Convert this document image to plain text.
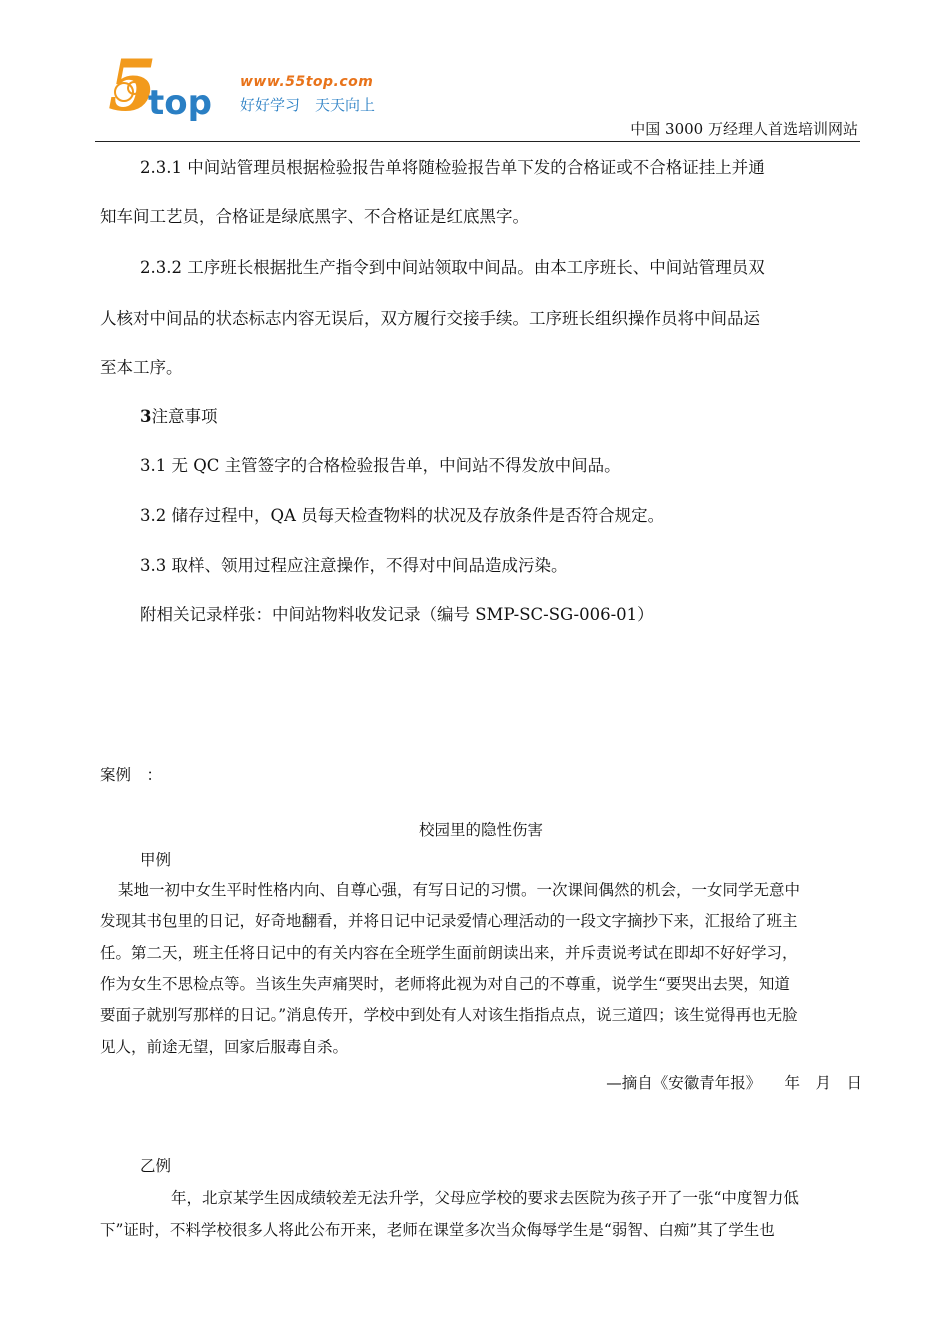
5
top
www.55top.com
好好学习　天天向上
中国 3000 万经理人首选培训网站
2.3.1 中间站管理员根据检验报告单将随检验报告单下发的合格证或不合格证挂上并通
知车间工艺员，合格证是绿底黑字、不合格证是红底黑字。
2.3.2 工序班长根据批生产指令到中间站领取中间品。由本工序班长、中间站管理员双
人核对中间品的状态标志内容无误后，双方履行交接手续。工序班长组织操作员将中间品运
至本工序。
3注意事项
3.1 无 QC 主管签字的合格检验报告单，中间站不得发放中间品。
3.2 储存过程中，QA 员每天检查物料的状况及存放条件是否符合规定。
3.3 取样、领用过程应注意操作，不得对中间品造成污染。
附相关记录样张：中间站物料收发记录（编号 SMP-SC-SG-006-01）
案例　：
校园里的隐性伤害
甲例
某地一初中女生平时性格内向、自尊心强，有写日记的习惯。一次课间偶然的机会，一女同学无意中
发现其书包里的日记，好奇地翻看，并将日记中记录爱情心理活动的一段文字摘抄下来，汇报给了班主
任。第二天，班主任将日记中的有关内容在全班学生面前朗读出来，并斥责说考试在即却不好好学习，
作为女生不思检点等。当该生失声痛哭时，老师将此视为对自己的不尊重，说学生“要哭出去哭，知道
要面子就别写那样的日记。”消息传开，学校中到处有人对该生指指点点，说三道四；该生觉得再也无脸
见人，前途无望，回家后服毒自杀。
—摘自《安徽青年报》　　年　月　日
乙例
　　年，北京某学生因成绩较差无法升学，父母应学校的要求去医院为孩子开了一张“中度智力低
下”证时，不料学校很多人将此公布开来，老师在课堂多次当众侮辱学生是“弱智、白痴”其了学生也
